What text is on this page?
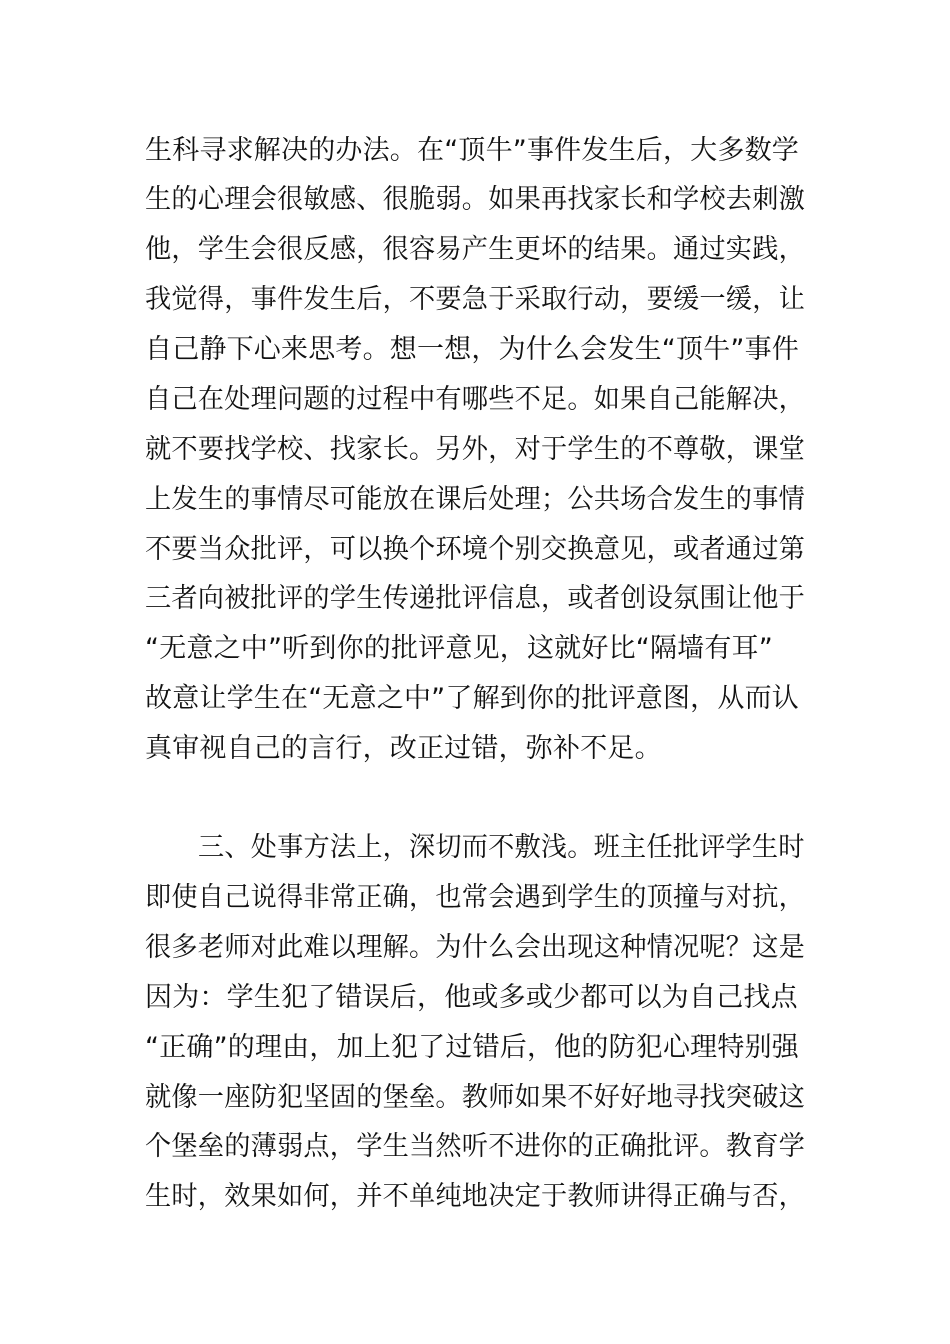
生科寻求解决的办法。在“顶牛”事件发生后，大多数学
生的心理会很敏感、很脆弱。如果再找家长和学校去刺激
他，学生会很反感，很容易产生更坏的结果。通过实践，
我觉得，事件发生后，不要急于采取行动，要缓一缓，让
自己静下心来思考。想一想，为什么会发生“顶牛”事件
自己在处理问题的过程中有哪些不足。如果自己能解决，
就不要找学校、找家长。另外，对于学生的不尊敬，课堂
上发生的事情尽可能放在课后处理；公共场合发生的事情
不要当众批评，可以换个环境个别交换意见，或者通过第
三者向被批评的学生传递批评信息，或者创设氛围让他于
“无意之中”听到你的批评意见，这就好比“隔墙有耳”
故意让学生在“无意之中”了解到你的批评意图，从而认
真审视自己的言行，改正过错，弥补不足。
三、处事方法上，深切而不敷浅。班主任批评学生时
即使自己说得非常正确，也常会遇到学生的顶撞与对抗，
很多老师对此难以理解。为什么会出现这种情况呢？这是
因为：学生犯了错误后，他或多或少都可以为自己找点
“正确”的理由，加上犯了过错后，他的防犯心理特别强
就像一座防犯坚固的堡垒。教师如果不好好地寻找突破这
个堡垒的薄弱点，学生当然听不进你的正确批评。教育学
生时，效果如何，并不单纯地决定于教师讲得正确与否，
